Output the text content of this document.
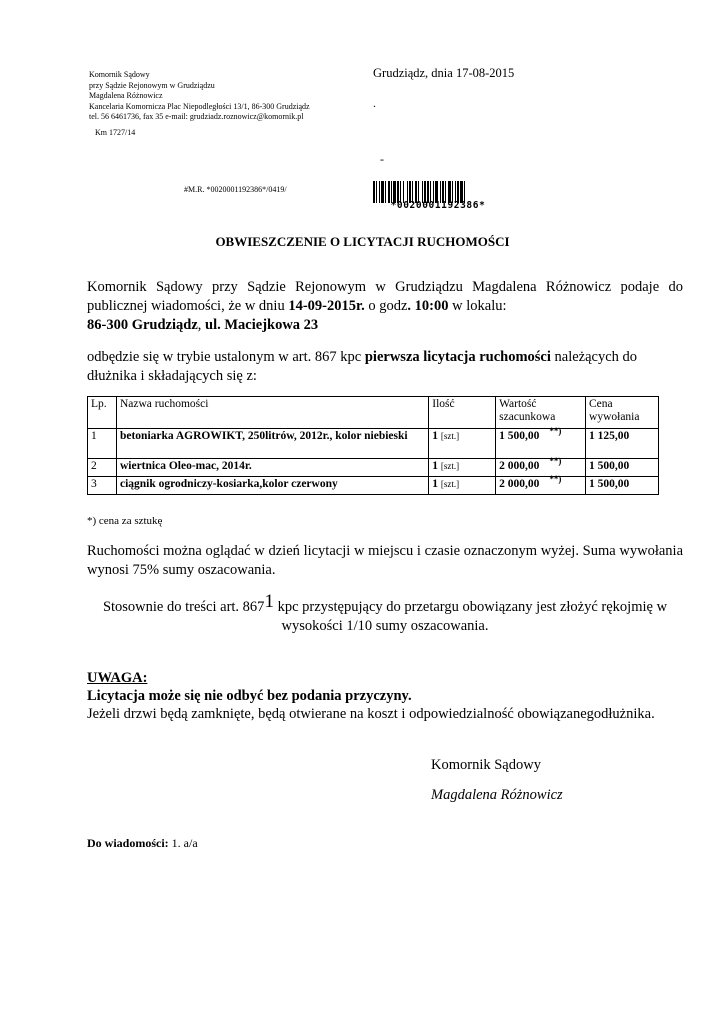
Komornik Sądowy
przy Sądzie Rejonowym w Grudziądzu
Magdalena Różnowicz
Kancelaria Komornicza Plac Niepodległości 13/1, 86-300 Grudziądz
tel. 56 6461736, fax 35 e-mail: grudziadz.roznowicz@komornik.pl
Km 1727/14
Grudziądz, dnia 17-08-2015
.
-
#M.R. *0020001192386*/0419/
*0020001192386*
OBWIESZCZENIE O LICYTACJI RUCHOMOŚCI
Komornik Sądowy przy Sądzie Rejonowym w Grudziądzu Magdalena Różnowicz podaje do publicznej wiadomości, że w dniu 14-09-2015r. o godz. 10:00 w lokalu:
86-300 Grudziądz, ul. Maciejkowa 23
odbędzie się w trybie ustalonym w art. 867 kpc pierwsza licytacja ruchomości należących do dłużnika i składających się z:
Lp.	Nazwa ruchomości	Ilość	Wartość szacunkowa	Cena wywołania
1	betoniarka AGROWIKT, 250litrów, 2012r., kolor niebieski	1 [szt.]	1 500,00 **)	1 125,00
2	wiertnica Oleo-mac, 2014r.	1 [szt.]	2 000,00 **)	1 500,00
3	ciągnik ogrodniczy-kosiarka,kolor czerwony	1 [szt.]	2 000,00 **)	1 500,00
*) cena za sztukę
Ruchomości można oglądać w dzień licytacji w miejscu i czasie oznaczonym wyżej. Suma wywołania wynosi 75% sumy oszacowania.
Stosownie do treści art. 8671 kpc przystępujący do przetargu obowiązany jest złożyć rękojmię w
wysokości 1/10 sumy oszacowania.
UWAGA:
Licytacja może się nie odbyć bez podania przyczyny.
Jeżeli drzwi będą zamknięte, będą otwierane na koszt i odpowiedzialność obowiązanegodłużnika.
Komornik Sądowy
Magdalena Różnowicz
Do wiadomości: 1. a/a
